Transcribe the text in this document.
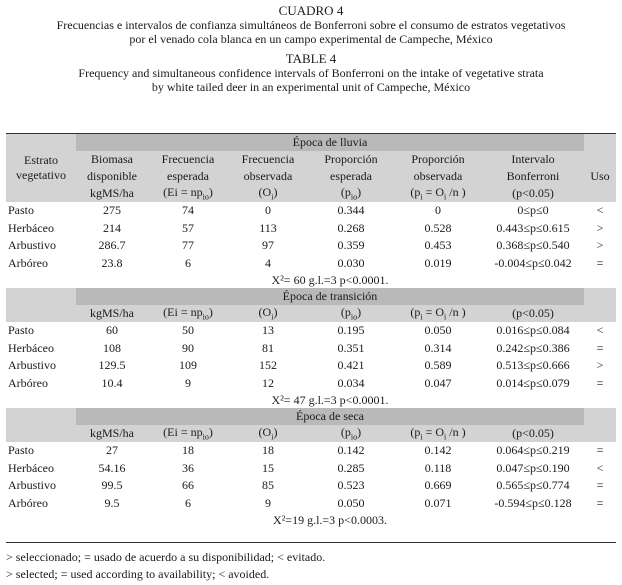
CUADRO 4
Frecuencias e intervalos de confianza simultáneos de Bonferroni sobre el consumo de estratos vegetativos
por el venado cola blanca en un campo experimental de Campeche, México
TABLE 4
Frequency and simultaneous confidence intervals of Bonferroni on the intake of vegetative strata
by white tailed deer in an experimental unit of Campeche, México

	Época de lluvia						
Estrato
vegetativo	Biomasa	Frecuencia	Frecuencia	Proporción	Proporción	Intervalo	Uso
	disponible	esperada	observada	esperada	observada	Bonferroni	
	kgMS/ha	$(Ei = np_{io})$	$(O_i)$	$(p_{io})$	($p_i = O_i$ /n )	(p<0.05)	
Pasto	275	74	0	0.344	0	0≤p≤0	<
Herbáceo	214	57	113	0.268	0.528	0.443≤p≤0.615	>
Arbustivo	286.7	77	97	0.359	0.453	0.368≤p≤0.540	>
Arbóreo	23.8	6	4	0.030	0.019	-0.004≤p≤0.042	=
	X²= 60 g.l.=3 p<0.0001.						
	Época de transición						
	kgMS/ha	$(Ei = np_{io})$	$(O_i)$	$(p_{io})$	($p_i = O_i$ /n )	(p<0.05)	
Pasto	60	50	13	0.195	0.050	0.016≤p≤0.084	<
Herbáceo	108	90	81	0.351	0.314	0.242≤p≤0.386	=
Arbustivo	129.5	109	152	0.421	0.589	0.513≤p≤0.666	>
Arbóreo	10.4	9	12	0.034	0.047	0.014≤p≤0.079	=
	X²= 47 g.l.=3 p<0.0001.						
	Época de seca						
	kgMS/ha	$(Ei = np_{io})$	$(O_i)$	$(p_{io})$	($p_i = O_i$ /n )	(p<0.05)	
Pasto	27	18	18	0.142	0.142	0.064≤p≤0.219	=
Herbáceo	54.16	36	15	0.285	0.118	0.047≤p≤0.190	<
Arbustivo	99.5	66	85	0.523	0.669	0.565≤p≤0.774	=
Arbóreo	9.5	6	9	0.050	0.071	-0.594≤p≤0.128	=
	X²=19 g.l.=3 p<0.0003.						
> seleccionado; = usado de acuerdo a su disponibilidad; < evitado.
> selected; = used according to availability; < avoided.
